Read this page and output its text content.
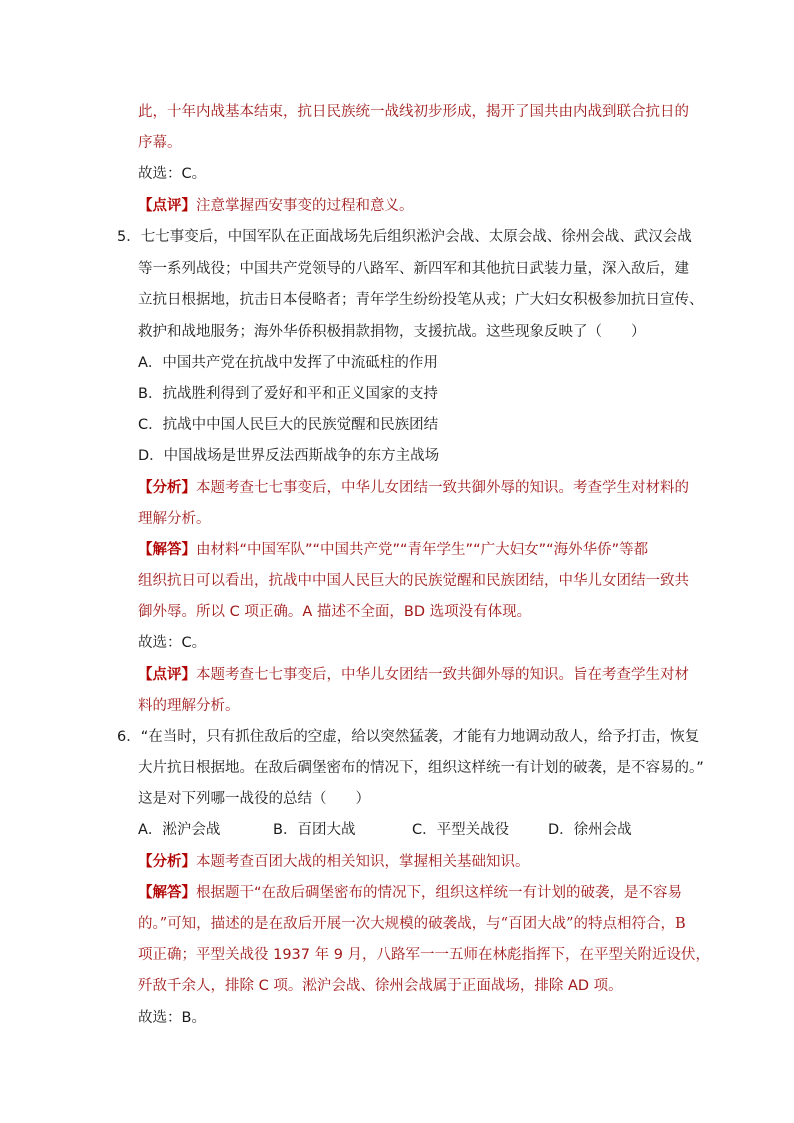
此，十年内战基本结束，抗日民族统一战线初步形成，揭开了国共由内战到联合抗日的
序幕。
故选：C。
【点评】注意掌握西安事变的过程和意义。
5．七七事变后，中国军队在正面战场先后组织淞沪会战、太原会战、徐州会战、武汉会战
等一系列战役；中国共产党领导的八路军、新四军和其他抗日武装力量，深入敌后，建
立抗日根据地，抗击日本侵略者；青年学生纷纷投笔从戎；广大妇女积极参加抗日宣传、
救护和战地服务；海外华侨积极捐款捐物，支援抗战。这些现象反映了（　　）
A．中国共产党在抗战中发挥了中流砥柱的作用
B．抗战胜利得到了爱好和平和正义国家的支持
C．抗战中中国人民巨大的民族觉醒和民族团结
D．中国战场是世界反法西斯战争的东方主战场
【分析】本题考查七七事变后，中华儿女团结一致共御外辱的知识。考查学生对材料的
理解分析。
【解答】由材料“中国军队”“中国共产党”“青年学生”“广大妇女”“海外华侨”等都
组织抗日可以看出，抗战中中国人民巨大的民族觉醒和民族团结，中华儿女团结一致共
御外辱。所以 C 项正确。A 描述不全面，BD 选项没有体现。
故选：C。
【点评】本题考查七七事变后，中华儿女团结一致共御外辱的知识。旨在考查学生对材
料的理解分析。
6．“在当时，只有抓住敌后的空虚，给以突然猛袭，才能有力地调动敌人，给予打击，恢复
大片抗日根据地。在敌后碉堡密布的情况下，组织这样统一有计划的破袭，是不容易的。”
这是对下列哪一战役的总结（　　）
A．淞沪会战	B．百团大战	C．平型关战役	D．徐州会战
【分析】本题考查百团大战的相关知识，掌握相关基础知识。
【解答】根据题干“在敌后碉堡密布的情况下，组织这样统一有计划的破袭，是不容易
的。”可知，描述的是在敌后开展一次大规模的破袭战，与“百团大战”的特点相符合，B
项正确；平型关战役 1937 年 9 月，八路军一一五师在林彪指挥下，在平型关附近设伏，
歼敌千余人，排除 C 项。淞沪会战、徐州会战属于正面战场，排除 AD 项。
故选：B。
